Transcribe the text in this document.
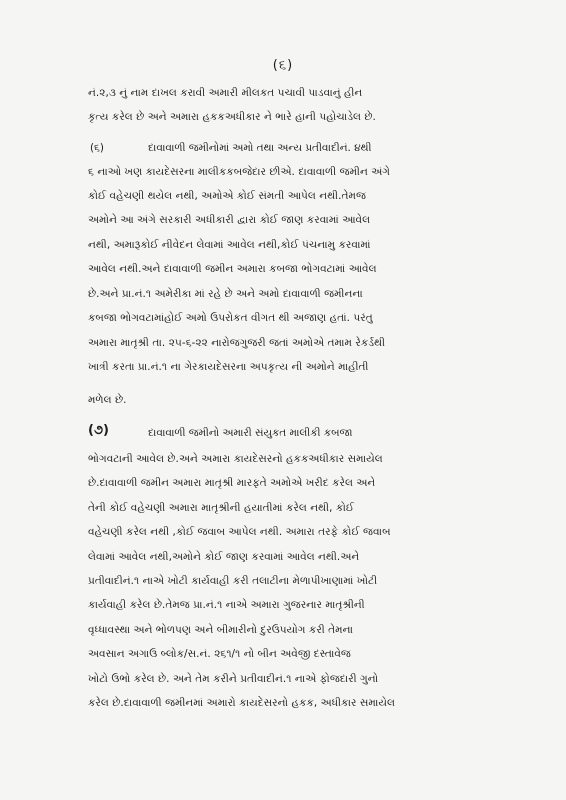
(૬)
નં.૨,૩ નું નામ દાખલ કરાવી અમારી મીલકત પચાવી પાડવાનું હીન
કૃત્ય કરેલ છે અને અમારા હકકઅધીકાર ને ભારે હાની પહોચાડેલ છે.
(૬)	દાવાવાળી જમીનોમાં અમો તથા અન્ય પ્રતીવાદીનં. ૪થી
૬ નાઓ ખણ કાયદેસરના માલીકકબજેદાર છીએ. દાવાવાળી જમીન અંગે
કોઈ વહેચણી થયેલ નથી, અમોએ કોઈ સંમતી આપેલ નથી.તેમજ
અમોને આ અંગે સરકારી અધીકારી દ્વારા કોઈ જાણ કરવામાં આવેલ
નથી, અમારૂકોઈ નીવેદન લેવામાં આવેલ નથી,કોઈ પંચનામુ કરવામાં
આવેલ નથી.અને દાવાવાળી જમીન અમારા કબજા ભોગવટામાં આવેલ
છે.અને પ્રા.નં.૧ અમેરીકા માં રહે છે અને અમો દાવાવાળી જમીનના
કબજા ભોગવટામાંહોઈ અમો ઉપરોકત વીગત થી અજાણ હતાં. પરંતુ
અમારા માતૃશ્રી તા. ૨૫-૬-૨૨ નારોજગુજરી જતાં અમોએ તમામ રેકર્ડથી
ખાત્રી કરતા પ્રા.નં.૧ ના ગેરકાયદેસરના અપકૃત્ય ની અમોને માહીતી
મળેલ છે.
(૭)	દાવાવાળી જમીનો અમારી સંયુકત માલીકી કબજા
ભોગવટાની આવેલ છે.અને અમારા કાયદેસરનો હકકઅધીકાર સમાયેલ
છે.દાવાવાળી જમીન અમારા માતૃશ્રી મારફતે અમોએ ખરીદ કરેલ અને
તેની કોઈ વહેચણી અમારા માતૃશ્રીની હયાતીમાં કરેલ નથી, કોઈ
વહેચણી કરેલ નથી ,કોઈ જવાબ આપેલ નથી. અમારા તરફે કોઈ જવાબ
લેવામાં આવેલ નથી,અમોને કોઈ જાણ કરવામાં આવેલ નથી.અને
પ્રતીવાદીનં.૧ નાએ ખોટી કાર્યવાહી કરી તલાટીના મેળાપીખાણામાં ખોટી
કાર્યવાહી કરેલ છે.તેમજ પ્રા.નં.૧ નાએ અમારા ગુજરનાર માતૃશ્રીની
વૃધ્ધાવસ્થા અને ભોળપણ અને બીમારીનો દુરઉપયોગ કરી તેમના
અવસાન અગાઉ બ્લોક/સ.નં. ૨૬૧/૧ નો બીન અવેજી દસ્તાવેજ
ખોટો ઉભો કરેલ છે. અને તેમ કરીને પ્રતીવાદીનં.૧ નાએ ફોજદારી ગુનો
કરેલ છે.દાવાવાળી જમીનમાં અમારો કાયદેસરનો હકક, અધીકાર સમાયેલ
